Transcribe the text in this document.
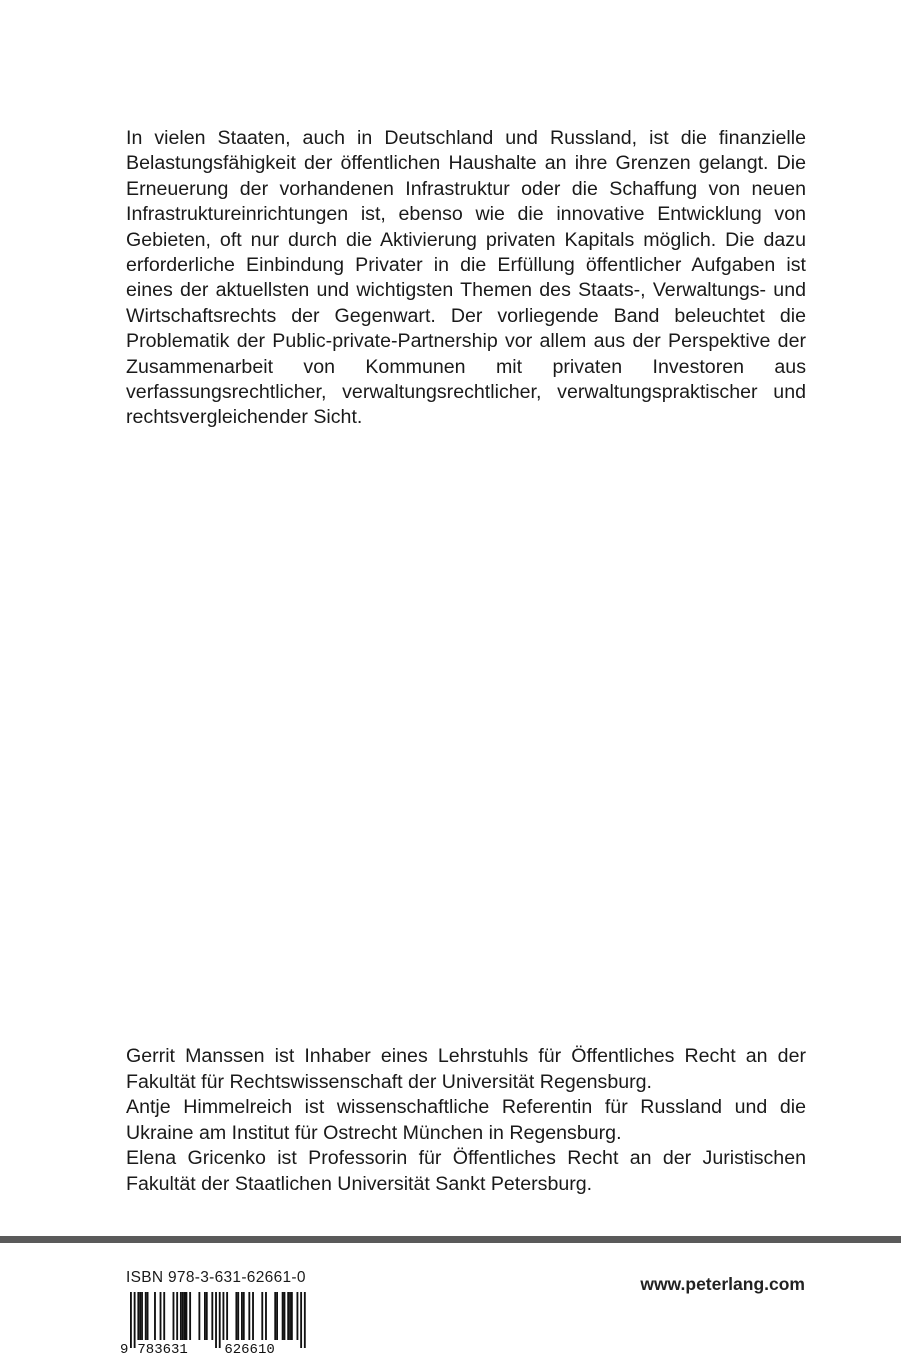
In vielen Staaten, auch in Deutschland und Russland, ist die finanzielle Belastungsfähigkeit der öffentlichen Haushalte an ihre Grenzen gelangt. Die Erneuerung der vorhandenen Infrastruktur oder die Schaffung von neuen Infrastruktureinrichtungen ist, ebenso wie die innovative Entwicklung von Gebieten, oft nur durch die Aktivierung privaten Kapitals möglich. Die dazu erforderliche Einbindung Privater in die Erfüllung öffentlicher Aufgaben ist eines der aktuellsten und wichtigsten Themen des Staats-, Verwaltungs- und Wirtschaftsrechts der Gegenwart. Der vorliegende Band beleuchtet die Problematik der Public-private-Partnership vor allem aus der Perspektive der Zusammenarbeit von Kommunen mit privaten Investoren aus verfassungsrechtlicher, verwaltungsrechtlicher, verwaltungspraktischer und rechtsvergleichender Sicht.

Gerrit Manssen ist Inhaber eines Lehrstuhls für Öffentliches Recht an der Fakultät für Rechtswissenschaft der Universität Regensburg.

Antje Himmelreich ist wissenschaftliche Referentin für Russland und die Ukraine am Institut für Ostrecht München in Regensburg.

Elena Gricenko ist Professorin für Öffentliches Recht an der Juristischen Fakultät der Staatlichen Universität Sankt Petersburg.

ISBN 978-3-631-62661-0
9 783631	626610
www.peterlang.com
